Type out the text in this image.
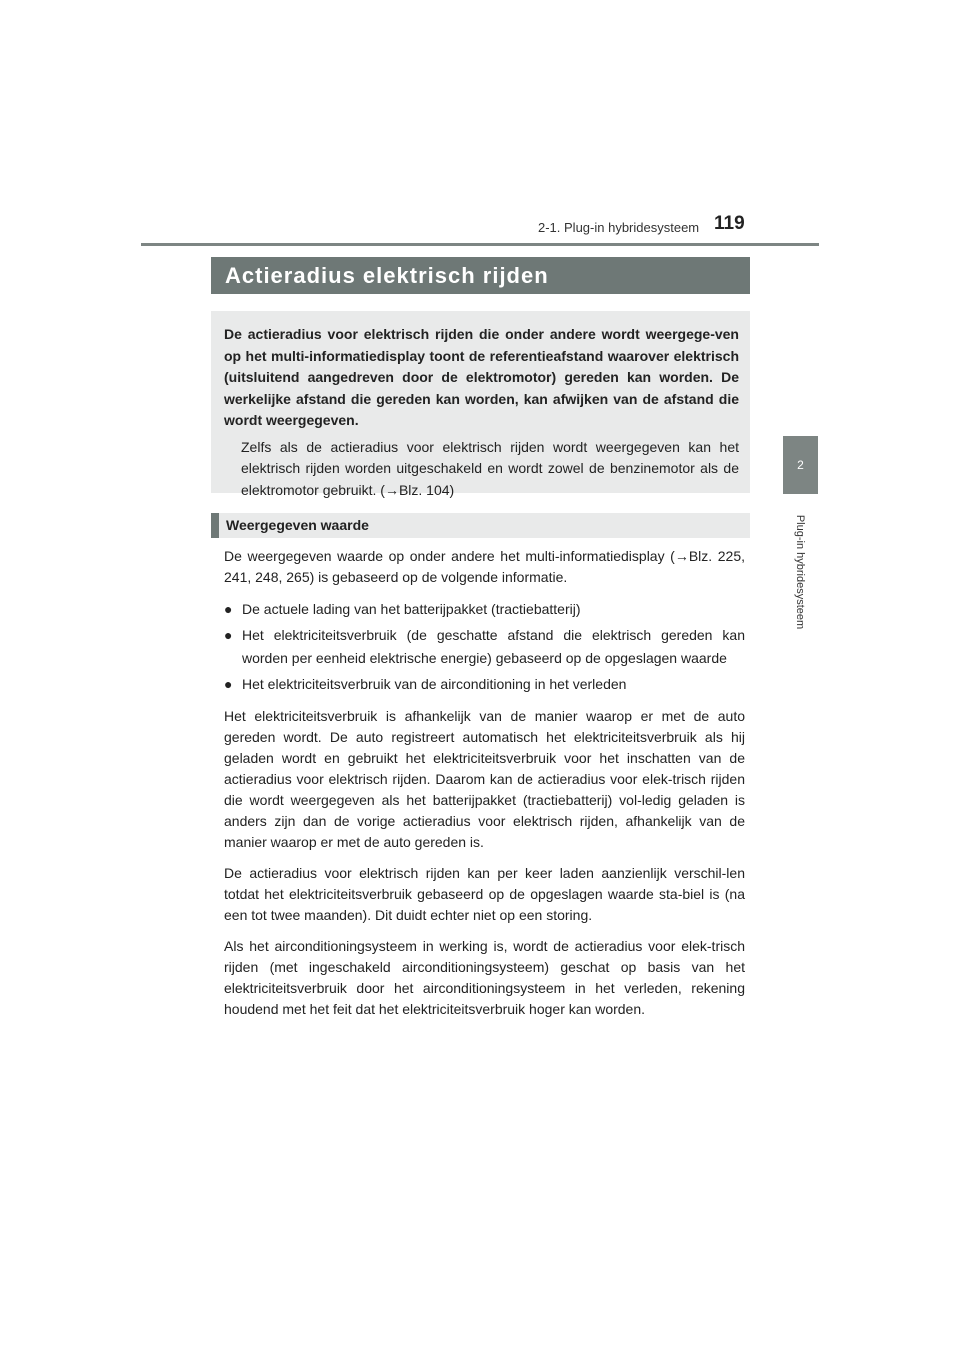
2-1. Plug-in hybridesysteem 119
2
Plug-in hybridesysteem
Actieradius elektrisch rijden

De actieradius voor elektrisch rijden die onder andere wordt weergege-ven op het multi-informatiedisplay toont de referentieafstand waarover elektrisch (uitsluitend aangedreven door de elektromotor) gereden kan worden. De werkelijke afstand die gereden kan worden, kan afwijken van de afstand die wordt weergegeven.

Zelfs als de actieradius voor elektrisch rijden wordt weergegeven kan het elektrisch rijden worden uitgeschakeld en wordt zowel de benzinemotor als de elektromotor gebruikt. (→Blz. 104)

Weergegeven waarde

De weergegeven waarde op onder andere het multi-informatiedisplay (→Blz. 225, 241, 248, 265) is gebaseerd op de volgende informatie.

● De actuele lading van het batterijpakket (tractiebatterij)
● Het elektriciteitsverbruik (de geschatte afstand die elektrisch gereden kan worden per eenheid elektrische energie) gebaseerd op de opgeslagen waarde
● Het elektriciteitsverbruik van de airconditioning in het verleden

Het elektriciteitsverbruik is afhankelijk van de manier waarop er met de auto gereden wordt. De auto registreert automatisch het elektriciteitsverbruik als hij geladen wordt en gebruikt het elektriciteitsverbruik voor het inschatten van de actieradius voor elektrisch rijden. Daarom kan de actieradius voor elek-trisch rijden die wordt weergegeven als het batterijpakket (tractiebatterij) vol-ledig geladen is anders zijn dan de vorige actieradius voor elektrisch rijden, afhankelijk van de manier waarop er met de auto gereden is.

De actieradius voor elektrisch rijden kan per keer laden aanzienlijk verschil-len totdat het elektriciteitsverbruik gebaseerd op de opgeslagen waarde sta-biel is (na een tot twee maanden). Dit duidt echter niet op een storing.

Als het airconditioningsysteem in werking is, wordt de actieradius voor elek-trisch rijden (met ingeschakeld airconditioningsysteem) geschat op basis van het elektriciteitsverbruik door het airconditioningsysteem in het verleden, rekening houdend met het feit dat het elektriciteitsverbruik hoger kan worden.
